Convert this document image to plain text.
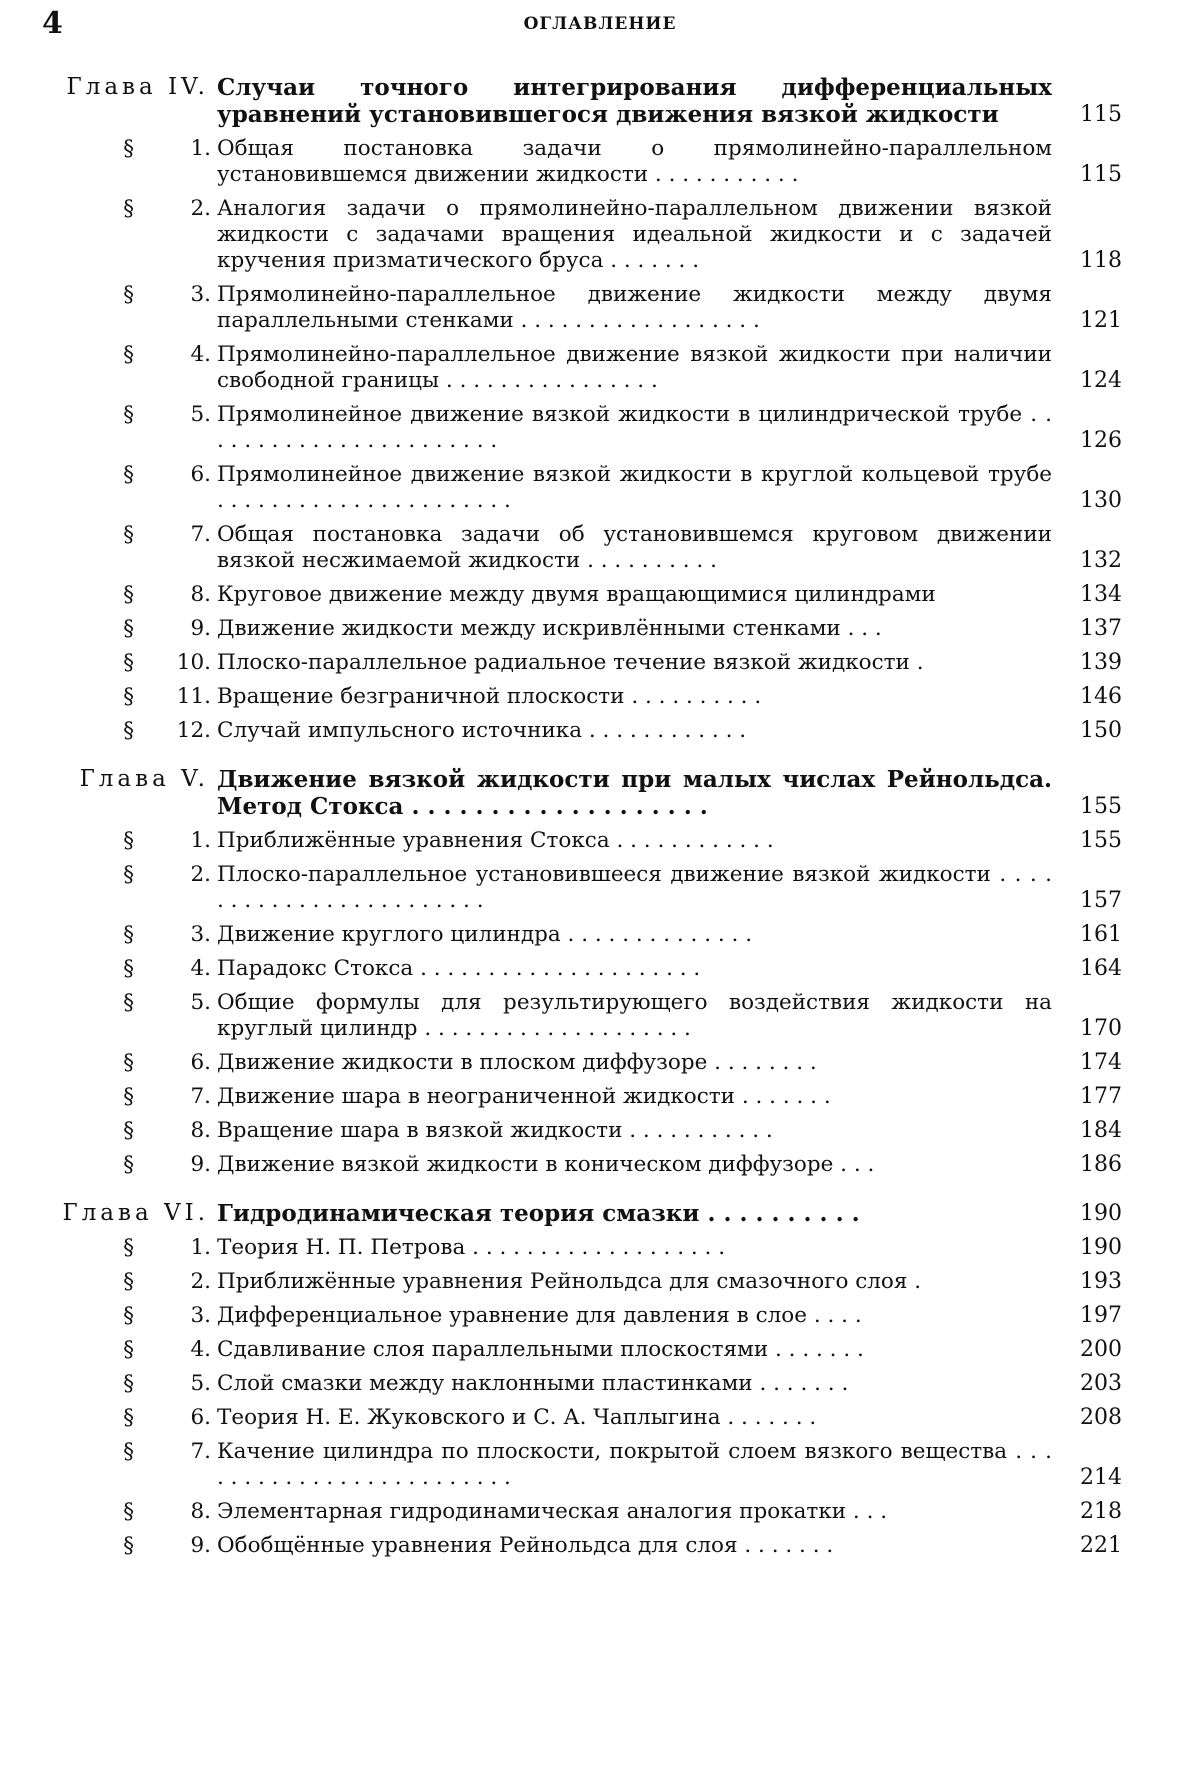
4	ОГЛАВЛЕНИЕ
Глава IV. Случаи точного интегрирования дифференциальных уравнений установившегося движения вязкой жидкости	115
§	1. Общая постановка задачи о прямолинейно-параллельном установившемся движении жидкости . . . . . . . . . . .	115
§	2. Аналогия задачи о прямолинейно-параллельном движении вязкой жидкости с задачами вращения идеальной жидкости и с задачей кручения призматического бруса . . . . . . .	118
§	3. Прямолинейно-параллельное движение жидкости между двумя параллельными стенками . . . . . . . . . . . . . . . . . .	121
§	4. Прямолинейно-параллельное движение вязкой жидкости при наличии свободной границы . . . . . . . . . . . . . . . .	124
§	5. Прямолинейное движение вязкой жидкости в цилиндрической трубе . . . . . . . . . . . . . . . . . . . . . . .	126
§	6. Прямолинейное движение вязкой жидкости в круглой кольцевой трубе . . . . . . . . . . . . . . . . . . . . . .	130
§	7. Общая постановка задачи об установившемся круговом движении вязкой несжимаемой жидкости . . . . . . . . . .	132
§	8. Круговое движение между двумя вращающимися цилиндрами	134
§	9. Движение жидкости между искривлёнными стенками . . .	137
§	10. Плоско-параллельное радиальное течение вязкой жидкости .	139
§	11. Вращение безграничной плоскости . . . . . . . . . .	146
§	12. Случай импульсного источника . . . . . . . . . . . .	150
Глава V. Движение вязкой жидкости при малых числах Рейнольдса. Метод Стокса . . . . . . . . . . . . . . . . . . .	155
§	1. Приближённые уравнения Стокса . . . . . . . . . . . .	155
§	2. Плоско-параллельное установившееся движение вязкой жидкости . . . . . . . . . . . . . . . . . . . . . . . .	157
§	3. Движение круглого цилиндра . . . . . . . . . . . . . .	161
§	4. Парадокс Стокса . . . . . . . . . . . . . . . . . . . . .	164
§	5. Общие формулы для результирующего воздействия жидкости на круглый цилиндр . . . . . . . . . . . . . . . . . . . .	170
§	6. Движение жидкости в плоском диффузоре . . . . . . . .	174
§	7. Движение шара в неограниченной жидкости . . . . . . .	177
§	8. Вращение шара в вязкой жидкости . . . . . . . . . . .	184
§	9. Движение вязкой жидкости в коническом диффузоре . . .	186
Глава VI. Гидродинамическая теория смазки . . . . . . . . . .	190
§	1. Теория Н. П. Петрова . . . . . . . . . . . . . . . . . . .	190
§	2. Приближённые уравнения Рейнольдса для смазочного слоя .	193
§	3. Дифференциальное уравнение для давления в слое . . . .	197
§	4. Сдавливание слоя параллельными плоскостями . . . . . . .	200
§	5. Слой смазки между наклонными пластинками . . . . . . .	203
§	6. Теория Н. Е. Жуковского и С. А. Чаплыгина . . . . . . .	208
§	7. Качение цилиндра по плоскости, покрытой слоем вязкого вещества . . . . . . . . . . . . . . . . . . . . . . . . .	214
§	8. Элементарная гидродинамическая аналогия прокатки . . .	218
§	9. Обобщённые уравнения Рейнольдса для слоя . . . . . . .	221
